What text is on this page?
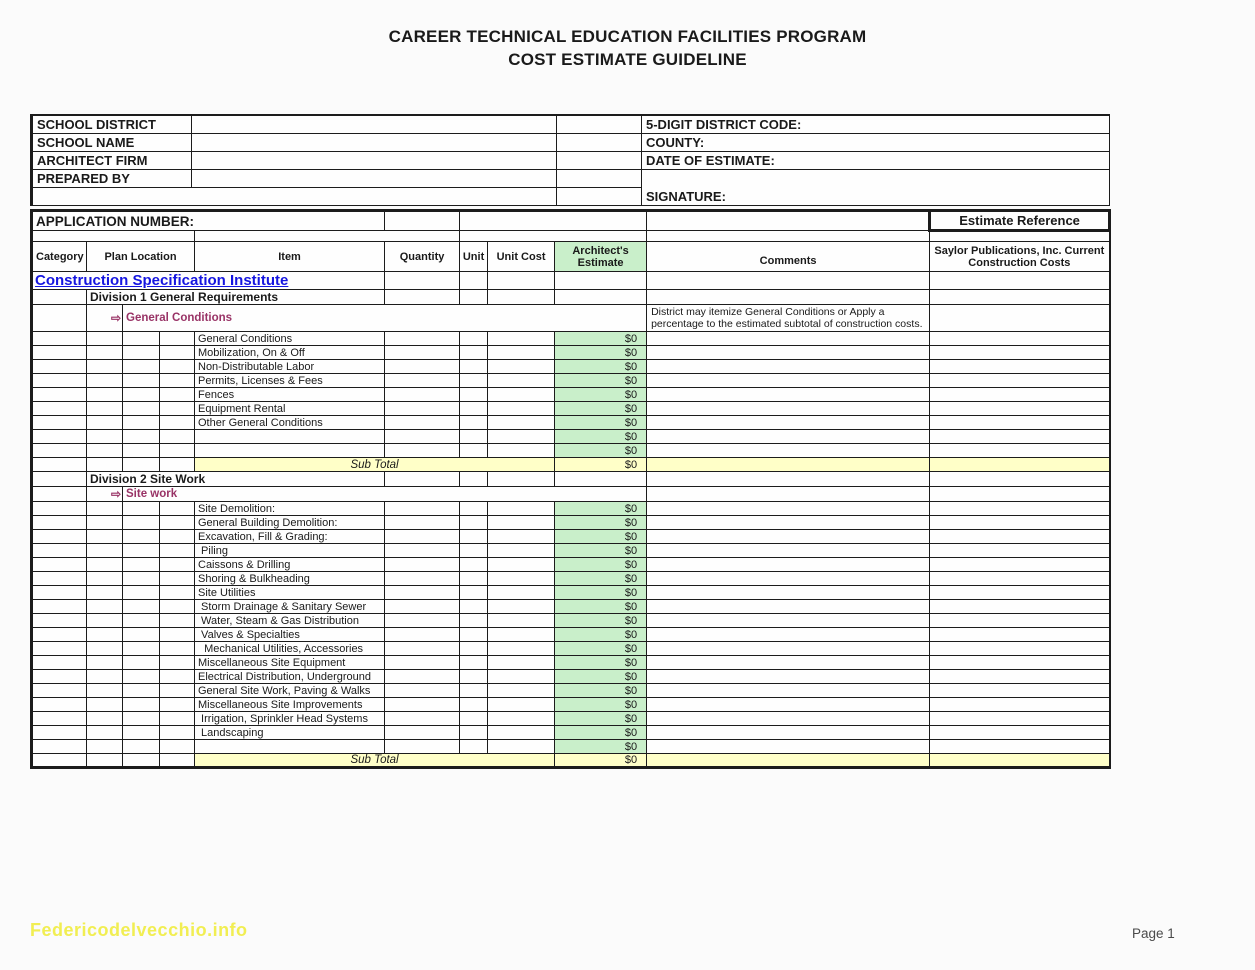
CAREER TECHNICAL EDUCATION FACILITIES PROGRAM
COST ESTIMATE GUIDELINE
SCHOOL DISTRICT			5-DIGIT DISTRICT CODE:
SCHOOL NAME			COUNTY:
ARCHITECT FIRM			DATE OF ESTIMATE:
PREPARED BY			SIGNATURE:

APPLICATION NUMBER:										Estimate Reference

Category	Plan Location			Item	Quantity	Unit	Unit Cost	Architect's Estimate	Comments	Saylor Publications, Inc. Current Construction Costs
Construction Specification Institute										
	Division 1 General Requirements									
	⇨	General Conditions							District may itemize General Conditions or Apply a percentage to the estimated subtotal of construction costs.	
				General Conditions				$0		
				Mobilization, On & Off				$0		
				Non-Distributable Labor				$0		
				Permits, Licenses & Fees				$0		
				Fences				$0		
				Equipment Rental				$0		
				Other General Conditions				$0		
								$0		
								$0		
				Sub Total				$0		
	Division 2 Site Work									
	⇨	Site work								
				Site Demolition:				$0		
				General Building Demolition:				$0		
				Excavation, Fill & Grading:				$0		
				Piling				$0		
				Caissons & Drilling				$0		
				Shoring & Bulkheading				$0		
				Site Utilities				$0		
				Storm Drainage & Sanitary Sewer				$0		
				Water, Steam & Gas Distribution				$0		
				Valves & Specialties				$0		
				Mechanical Utilities, Accessories				$0		
				Miscellaneous Site Equipment				$0		
				Electrical Distribution, Underground				$0		
				General Site Work, Paving & Walks				$0		
				Miscellaneous Site Improvements				$0		
				Irrigation, Sprinkler Head Systems				$0		
				Landscaping				$0		
								$0		
				Sub Total				$0		
Federicodelvecchio.info	Page 1
